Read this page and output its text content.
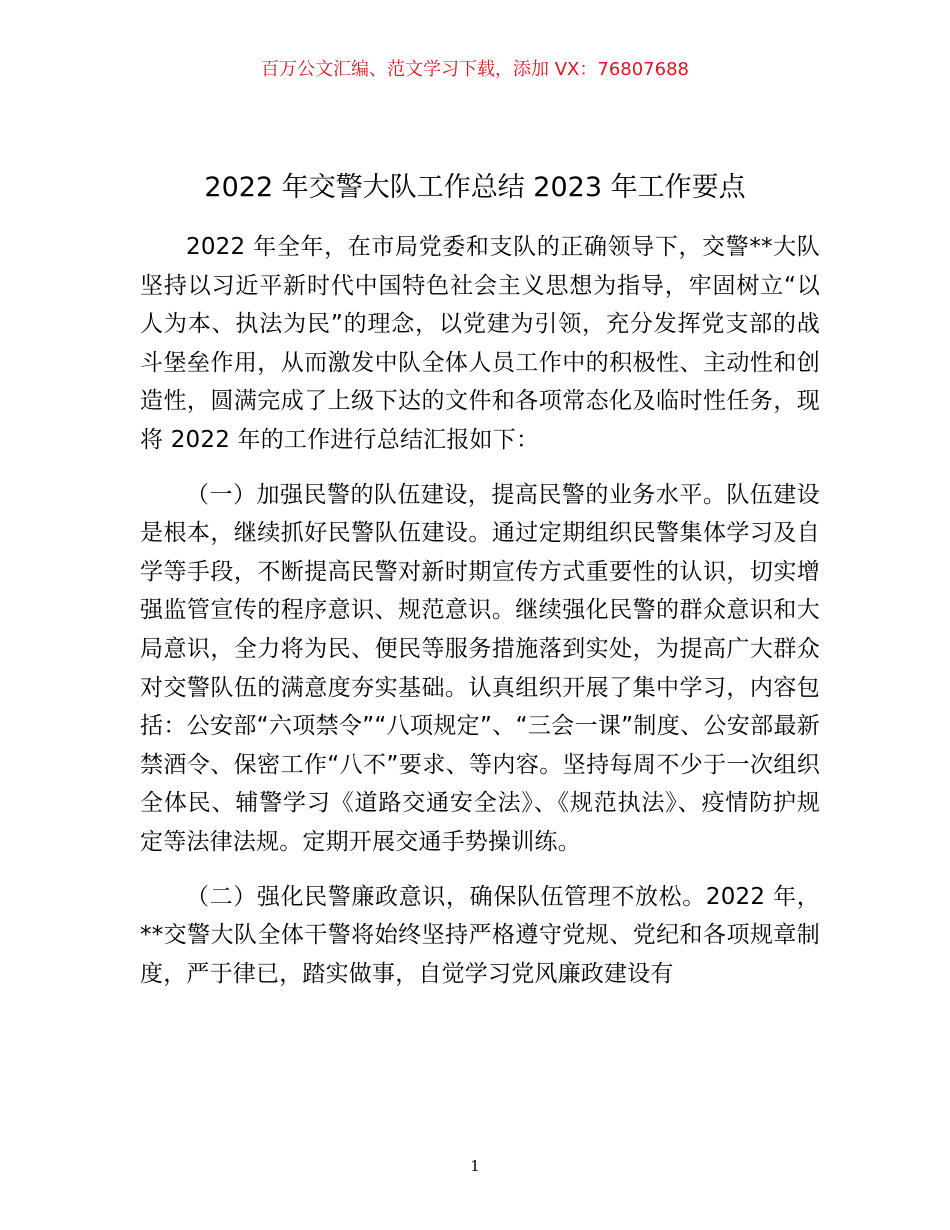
百万公文汇编、范文学习下载，添加 VX：76807688
2022 年交警大队工作总结 2023 年工作要点

2022 年全年，在市局党委和支队的正确领导下，交警**大队坚持以习近平新时代中国特色社会主义思想为指导，牢固树立“以人为本、执法为民”的理念，以党建为引领，充分发挥党支部的战斗堡垒作用，从而激发中队全体人员工作中的积极性、主动性和创造性，圆满完成了上级下达的文件和各项常态化及临时性任务，现将 2022 年的工作进行总结汇报如下：

（一）加强民警的队伍建设，提高民警的业务水平。队伍建设是根本，继续抓好民警队伍建设。通过定期组织民警集体学习及自学等手段，不断提高民警对新时期宣传方式重要性的认识，切实增强监管宣传的程序意识、规范意识。继续强化民警的群众意识和大局意识，全力将为民、便民等服务措施落到实处，为提高广大群众对交警队伍的满意度夯实基础。认真组织开展了集中学习，内容包括：公安部“六项禁令”“八项规定”、“三会一课”制度、公安部最新禁酒令、保密工作“八不”要求、等内容。坚持每周不少于一次组织全体民、辅警学习《道路交通安全法》、《规范执法》、疫情防护规定等法律法规。定期开展交通手势操训练。

（二）强化民警廉政意识，确保队伍管理不放松。2022 年，**交警大队全体干警将始终坚持严格遵守党规、党纪和各项规章制度，严于律已，踏实做事，自觉学习党风廉政建设有

1
